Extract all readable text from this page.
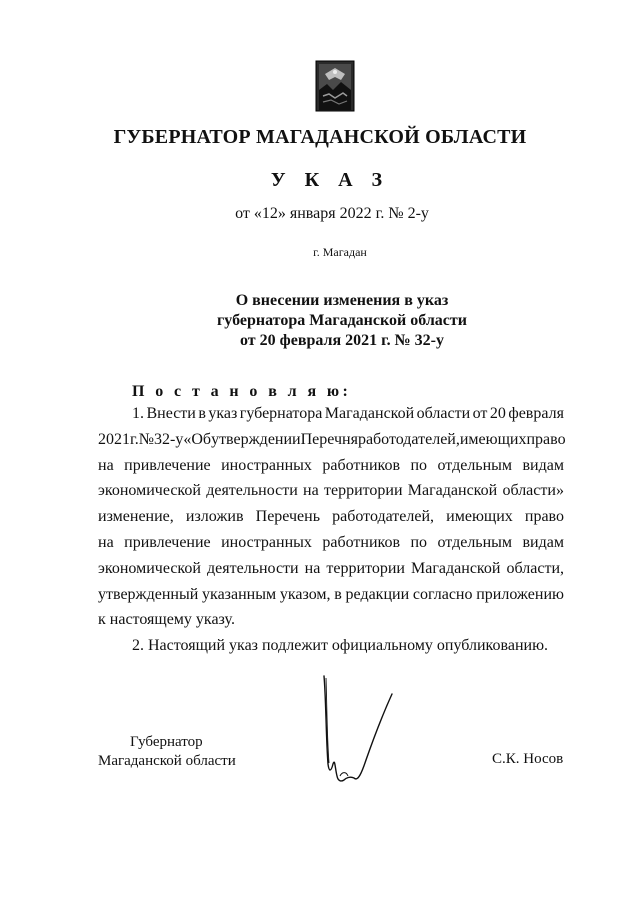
ГУБЕРНАТОР МАГАДАНСКОЙ ОБЛАСТИ
У К А З
от «12» января 2022 г. № 2-у
г. Магадан
О внесении изменения в указ
губернатора Магаданской области
от 20 февраля 2021 г. № 32-у
П о с т а н о в л я ю:
1. Внести в указ губернатора Магаданской области от 20 февраля
2021 г. № 32-у «Об утверждении Перечня работодателей, имеющих право
на привлечение иностранных работников по отдельным видам
экономической деятельности на территории Магаданской области»
изменение, изложив Перечень работодателей, имеющих право
на привлечение иностранных работников по отдельным видам
экономической деятельности на территории Магаданской области,
утвержденный указанным указом, в редакции согласно приложению
к настоящему указу.
2. Настоящий указ подлежит официальному опубликованию.
Губернатор
Магаданской области	С.К. Носов
